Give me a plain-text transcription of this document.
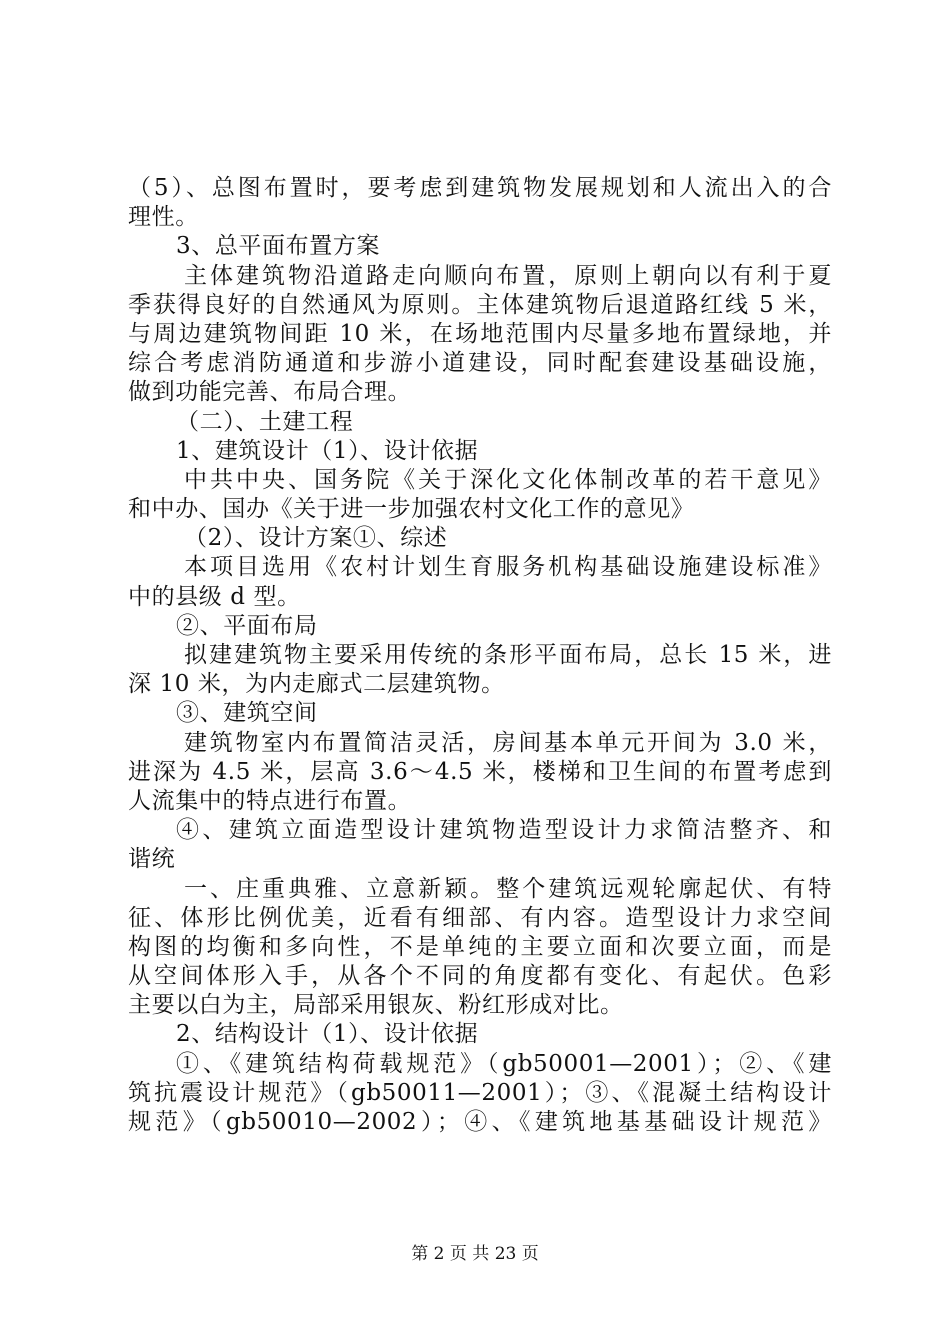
（5）、总图布置时，要考虑到建筑物发展规划和人流出入的合
理性。
3、总平面布置方案
主体建筑物沿道路走向顺向布置，原则上朝向以有利于夏
季获得良好的自然通风为原则。主体建筑物后退道路红线 5 米，
与周边建筑物间距 10 米，在场地范围内尽量多地布置绿地，并
综合考虑消防通道和步游小道建设，同时配套建设基础设施，
做到功能完善、布局合理。
（二）、土建工程
1、建筑设计（1）、设计依据
中共中央、国务院《关于深化文化体制改革的若干意见》
和中办、国办《关于进一步加强农村文化工作的意见》
（2）、设计方案①、综述
本项目选用《农村计划生育服务机构基础设施建设标准》
中的县级 d 型。
②、平面布局
拟建建筑物主要采用传统的条形平面布局，总长 15 米，进
深 10 米，为内走廊式二层建筑物。
③、建筑空间
建筑物室内布置简洁灵活，房间基本单元开间为 3.0 米，
进深为 4.5 米，层高 3.6～4.5 米，楼梯和卫生间的布置考虑到
人流集中的特点进行布置。
④、建筑立面造型设计建筑物造型设计力求简洁整齐、和
谐统
一、庄重典雅、立意新颖。整个建筑远观轮廓起伏、有特
征、体形比例优美，近看有细部、有内容。造型设计力求空间
构图的均衡和多向性，不是单纯的主要立面和次要立面，而是
从空间体形入手，从各个不同的角度都有变化、有起伏。色彩
主要以白为主，局部采用银灰、粉红形成对比。
2、结构设计（1）、设计依据
①、《建筑结构荷载规范》（gb50001—2001）；②、《建
筑抗震设计规范》（gb50011—2001）；③、《混凝土结构设计
规范》（gb50010—2002）；④、《建筑地基基础设计规范》
第 2 页 共 23 页
